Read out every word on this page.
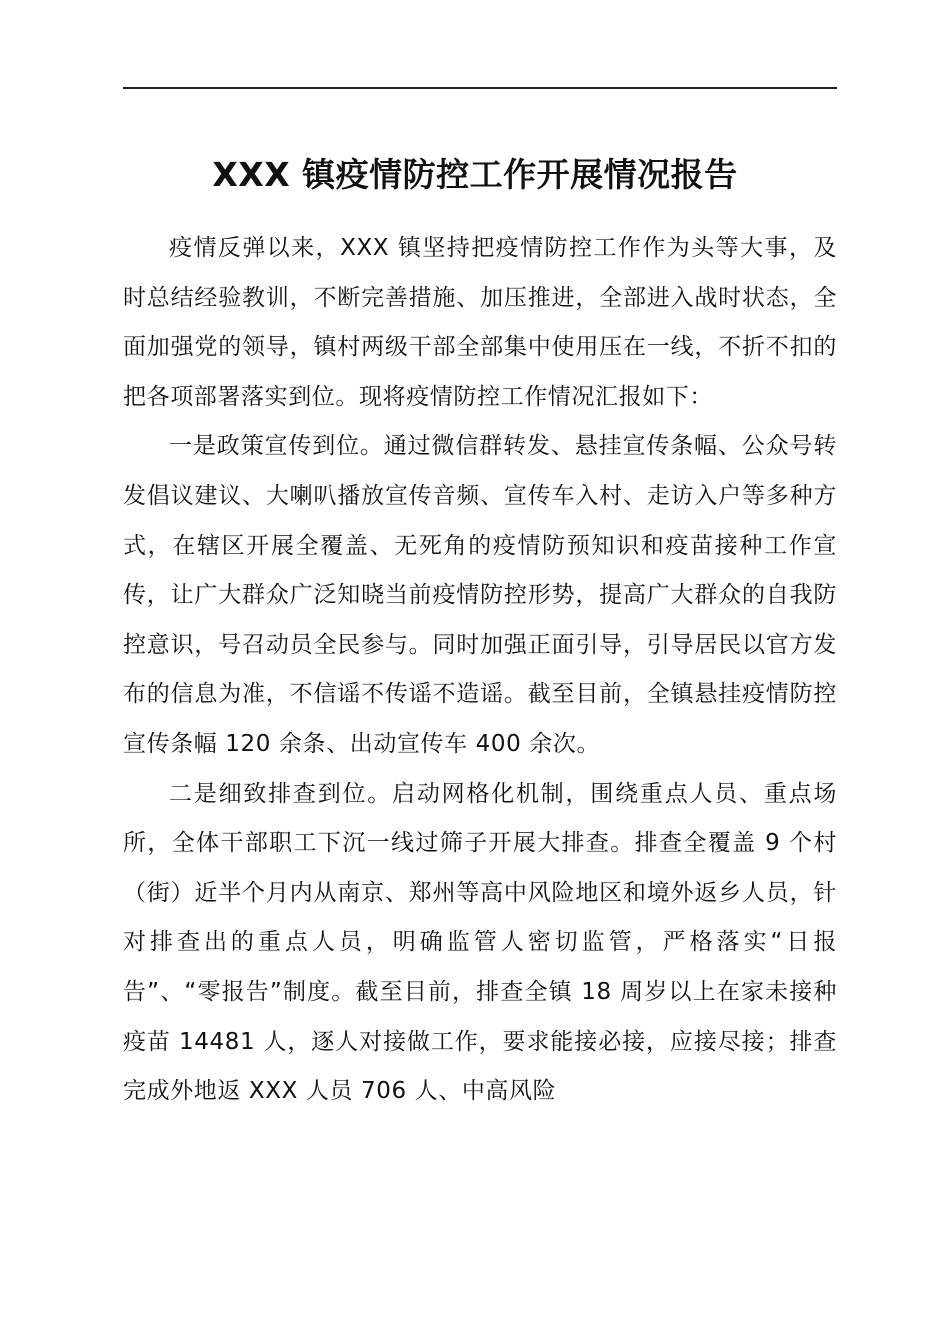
XXX 镇疫情防控工作开展情况报告

疫情反弹以来，XXX 镇坚持把疫情防控工作作为头等大事，及时总结经验教训，不断完善措施、加压推进，全部进入战时状态，全面加强党的领导，镇村两级干部全部集中使用压在一线，不折不扣的把各项部署落实到位。现将疫情防控工作情况汇报如下：

一是政策宣传到位。通过微信群转发、悬挂宣传条幅、公众号转发倡议建议、大喇叭播放宣传音频、宣传车入村、走访入户等多种方式，在辖区开展全覆盖、无死角的疫情防预知识和疫苗接种工作宣传，让广大群众广泛知晓当前疫情防控形势，提高广大群众的自我防控意识，号召动员全民参与。同时加强正面引导，引导居民以官方发布的信息为准，不信谣不传谣不造谣。截至目前，全镇悬挂疫情防控宣传条幅 120 余条、出动宣传车 400 余次。

二是细致排查到位。启动网格化机制，围绕重点人员、重点场所，全体干部职工下沉一线过筛子开展大排查。排查全覆盖 9 个村（街）近半个月内从南京、郑州等高中风险地区和境外返乡人员，针对排查出的重点人员，明确监管人密切监管，严格落实“日报告”、“零报告”制度。截至目前，排查全镇 18 周岁以上在家未接种疫苗 14481 人，逐人对接做工作，要求能接必接，应接尽接；排查完成外地返 XXX 人员 706 人、中高风险
